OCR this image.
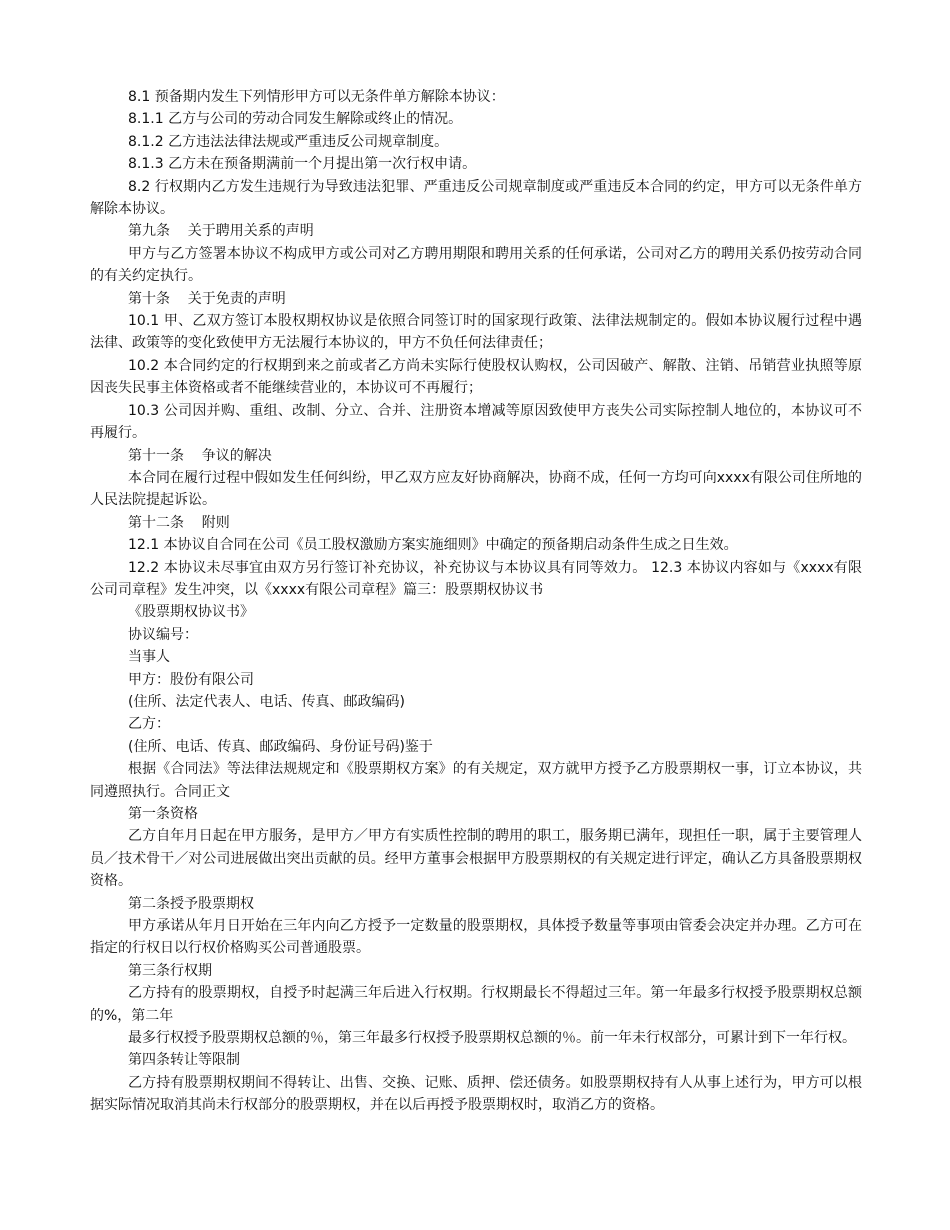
8.1 预备期内发生下列情形甲方可以无条件单方解除本协议：

8.1.1 乙方与公司的劳动合同发生解除或终止的情况。

8.1.2 乙方违法法律法规或严重违反公司规章制度。

8.1.3 乙方未在预备期满前一个月提出第一次行权申请。

8.2 行权期内乙方发生违规行为导致违法犯罪、严重违反公司规章制度或严重违反本合同的约定，甲方可以无条件单方解除本协议。

第九条    关于聘用关系的声明

甲方与乙方签署本协议不构成甲方或公司对乙方聘用期限和聘用关系的任何承诺，公司对乙方的聘用关系仍按劳动合同的有关约定执行。

第十条    关于免责的声明

10.1 甲、乙双方签订本股权期权协议是依照合同签订时的国家现行政策、法律法规制定的。假如本协议履行过程中遇法律、政策等的变化致使甲方无法履行本协议的，甲方不负任何法律责任；

10.2 本合同约定的行权期到来之前或者乙方尚未实际行使股权认购权，公司因破产、解散、注销、吊销营业执照等原因丧失民事主体资格或者不能继续营业的，本协议可不再履行；

10.3 公司因并购、重组、改制、分立、合并、注册资本增减等原因致使甲方丧失公司实际控制人地位的，本协议可不再履行。

第十一条    争议的解决

本合同在履行过程中假如发生任何纠纷，甲乙双方应友好协商解决，协商不成，任何一方均可向xxxx有限公司住所地的人民法院提起诉讼。

第十二条    附则

12.1 本协议自合同在公司《员工股权激励方案实施细则》中确定的预备期启动条件生成之日生效。

12.2 本协议未尽事宜由双方另行签订补充协议，补充协议与本协议具有同等效力。 12.3 本协议内容如与《xxxx有限公司司章程》发生冲突，以《xxxx有限公司章程》篇三：股票期权协议书

《股票期权协议书》

协议编号：

当事人

甲方：股份有限公司

(住所、法定代表人、电话、传真、邮政编码)

乙方：

(住所、电话、传真、邮政编码、身份证号码)鉴于

根据《合同法》等法律法规规定和《股票期权方案》的有关规定，双方就甲方授予乙方股票期权一事，订立本协议，共同遵照执行。合同正文

第一条资格

乙方自年月日起在甲方服务，是甲方／甲方有实质性控制的聘用的职工，服务期已满年，现担任一职，属于主要管理人员／技术骨干／对公司进展做出突出贡献的员。经甲方董事会根据甲方股票期权的有关规定进行评定，确认乙方具备股票期权资格。

第二条授予股票期权

甲方承诺从年月日开始在三年内向乙方授予一定数量的股票期权，具体授予数量等事项由管委会决定并办理。乙方可在指定的行权日以行权价格购买公司普通股票。

第三条行权期

乙方持有的股票期权，自授予时起满三年后进入行权期。行权期最长不得超过三年。第一年最多行权授予股票期权总额的%，第二年

最多行权授予股票期权总额的％，第三年最多行权授予股票期权总额的％。前一年未行权部分，可累计到下一年行权。

第四条转让等限制

乙方持有股票期权期间不得转让、出售、交换、记账、质押、偿还债务。如股票期权持有人从事上述行为，甲方可以根据实际情况取消其尚未行权部分的股票期权，并在以后再授予股票期权时，取消乙方的资格。
